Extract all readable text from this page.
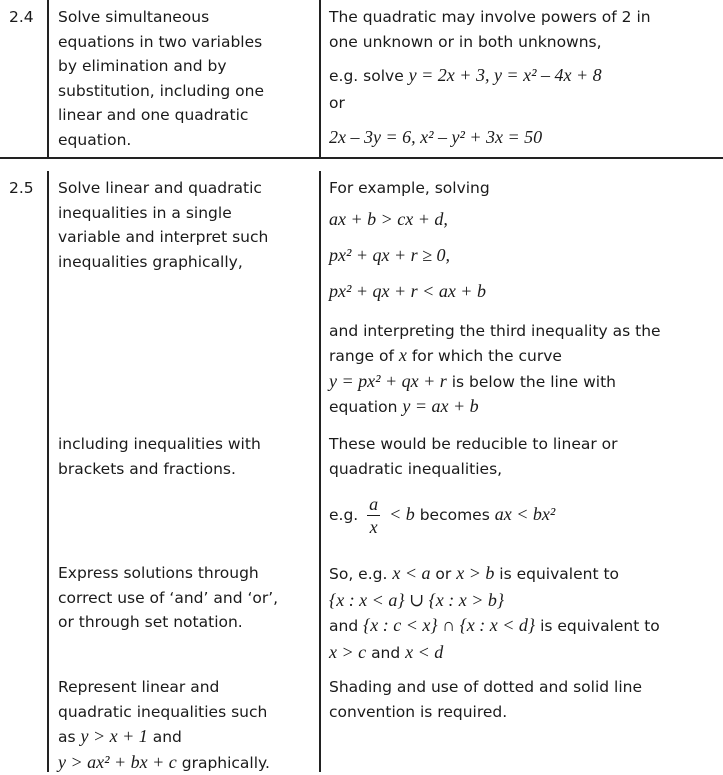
2.4 Solve simultaneous
equations in two variables
by elimination and by
substitution, including one
linear and one quadratic
equation.
The quadratic may involve powers of 2 in
one unknown or in both unknowns,
e.g. solve y = 2x + 3, y = x² – 4x + 8
or
2x – 3y = 6, x² – y² + 3x = 50
2.5 Solve linear and quadratic
inequalities in a single
variable and interpret such
inequalities graphically,
For example, solving
ax + b > cx + d,
px² + qx + r ≥ 0,
px² + qx + r < ax + b
and interpreting the third inequality as the
range of x for which the curve
y = px² + qx + r is below the line with
equation y = ax + b
including inequalities with
brackets and fractions.
These would be reducible to linear or
quadratic inequalities,
e.g. $\frac{a}{x} < b$ becomes ax < bx²
Express solutions through
correct use of ‘and’ and ‘or’,
or through set notation.
So, e.g. x < a or x > b is equivalent to
{x : x < a} ∪ {x : x > b}
and {x : c < x} ∩ {x : x < d} is equivalent to
x > c and x < d
Represent linear and
quadratic inequalities such
as y > x + 1 and
y > ax² + bx + c graphically.
Shading and use of dotted and solid line
convention is required.
